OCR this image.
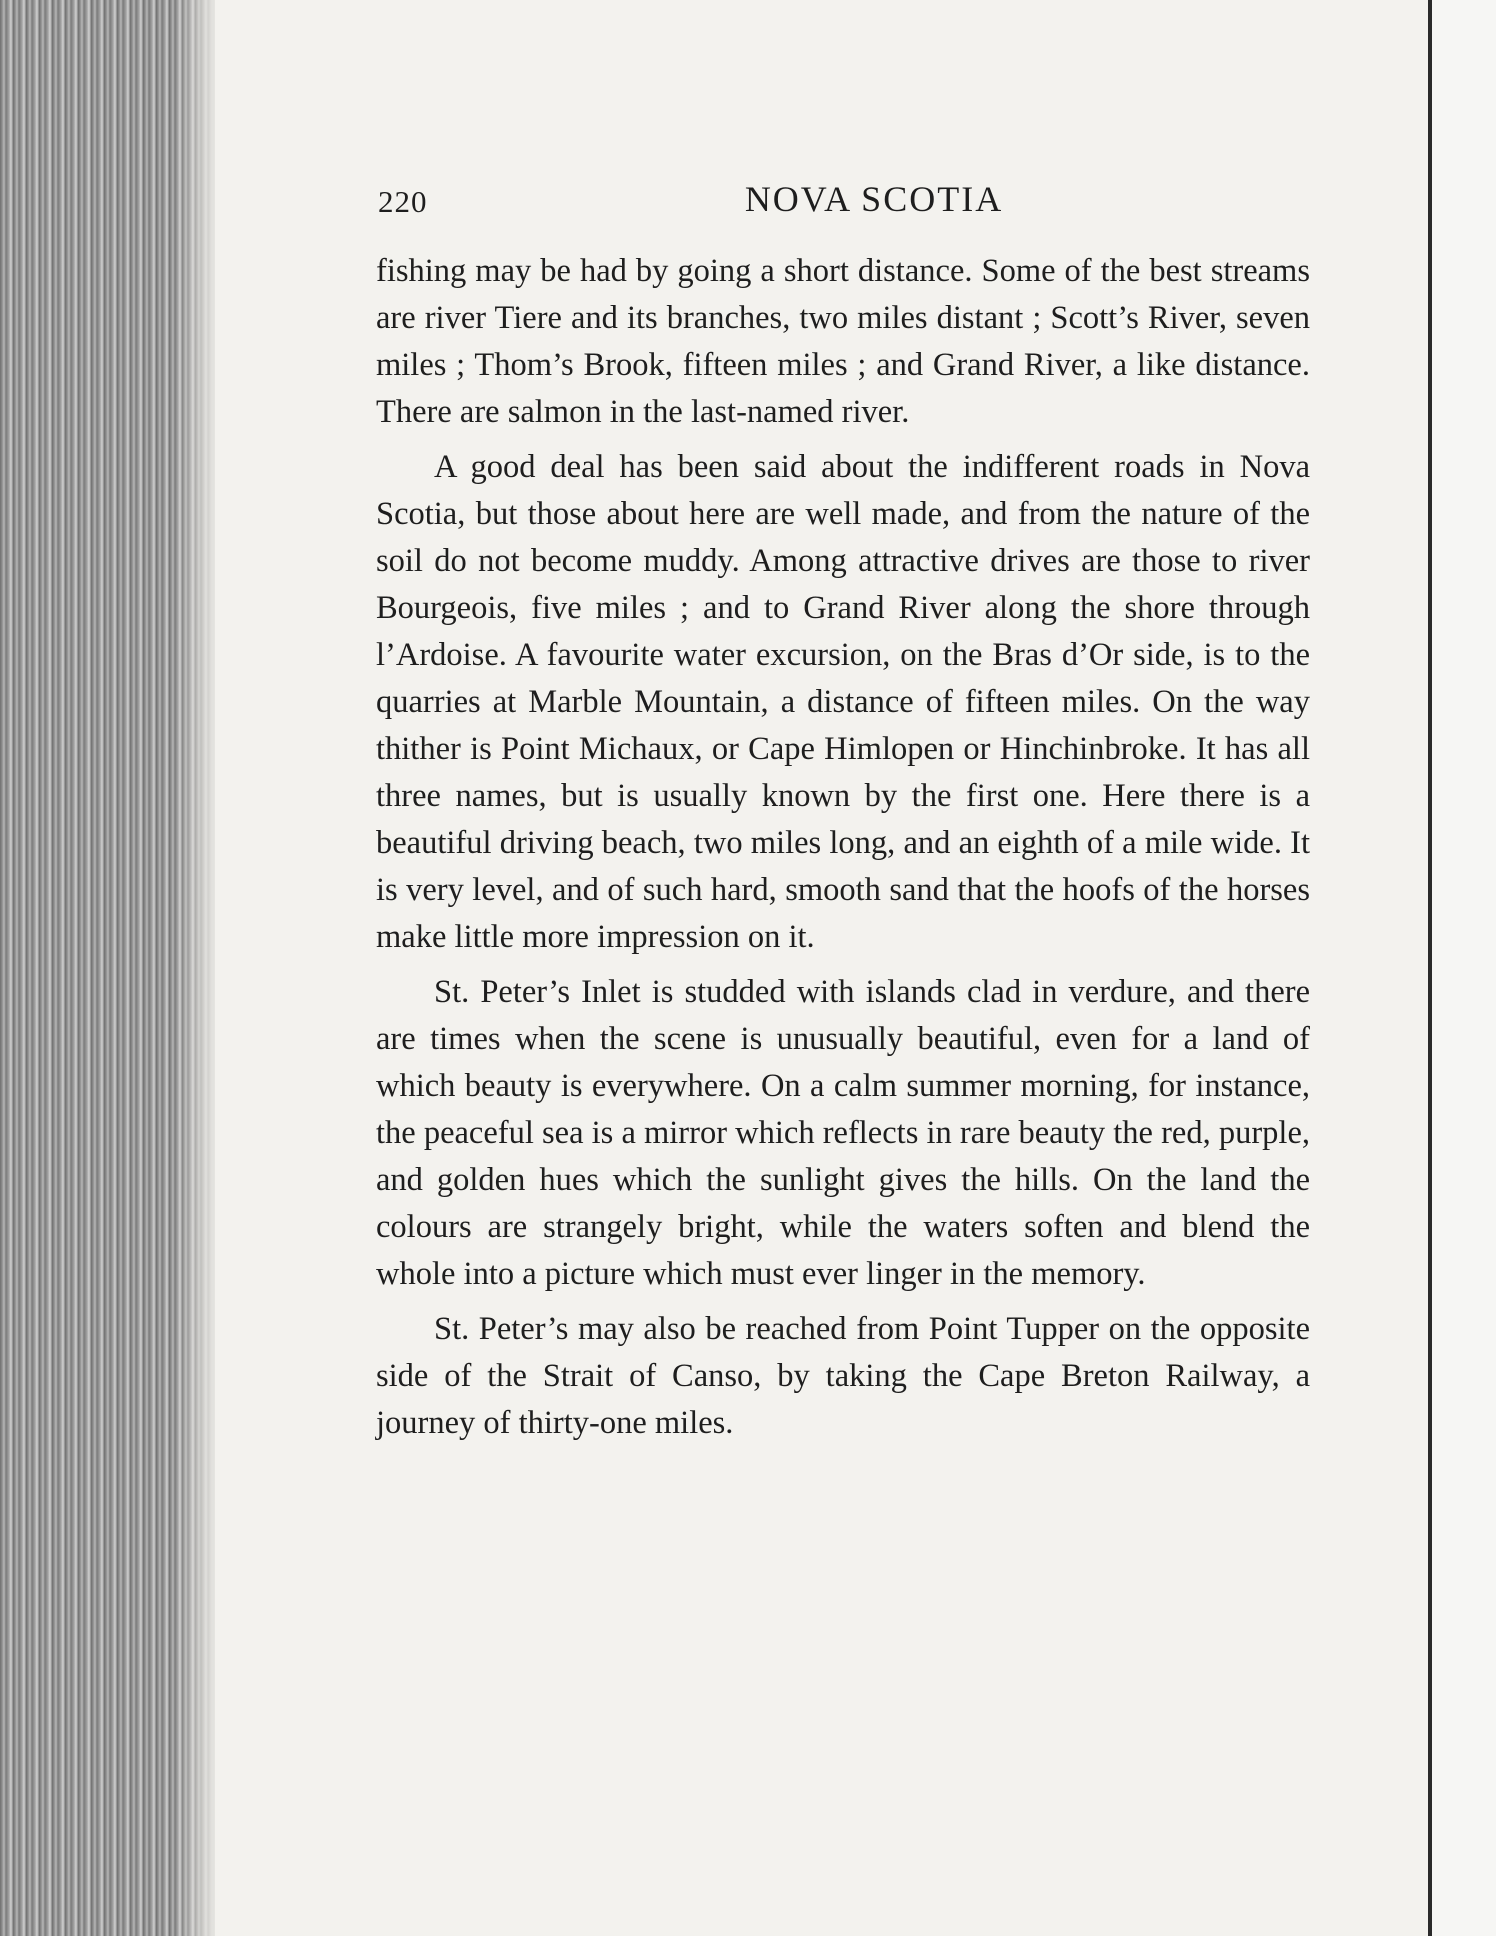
220	NOVA SCOTIA

fishing may be had by going a short distance. Some of the best streams are river Tiere and its branches, two miles distant ; Scott’s River, seven miles ; Thom’s Brook, fifteen miles ; and Grand River, a like distance. There are salmon in the last-named river.

A good deal has been said about the indifferent roads in Nova Scotia, but those about here are well made, and from the nature of the soil do not become muddy. Among attractive drives are those to river Bourgeois, five miles ; and to Grand River along the shore through l’Ardoise. A favourite water excursion, on the Bras d’Or side, is to the quarries at Marble Mountain, a distance of fifteen miles. On the way thither is Point Michaux, or Cape Himlopen or Hinchinbroke. It has all three names, but is usually known by the first one. Here there is a beautiful driving beach, two miles long, and an eighth of a mile wide. It is very level, and of such hard, smooth sand that the hoofs of the horses make little more impression on it.

St. Peter’s Inlet is studded with islands clad in verdure, and there are times when the scene is unusually beautiful, even for a land of which beauty is everywhere. On a calm summer morning, for instance, the peaceful sea is a mirror which reflects in rare beauty the red, purple, and golden hues which the sunlight gives the hills. On the land the colours are strangely bright, while the waters soften and blend the whole into a picture which must ever linger in the memory.

St. Peter’s may also be reached from Point Tupper on the opposite side of the Strait of Canso, by taking the Cape Breton Railway, a journey of thirty-one miles.
